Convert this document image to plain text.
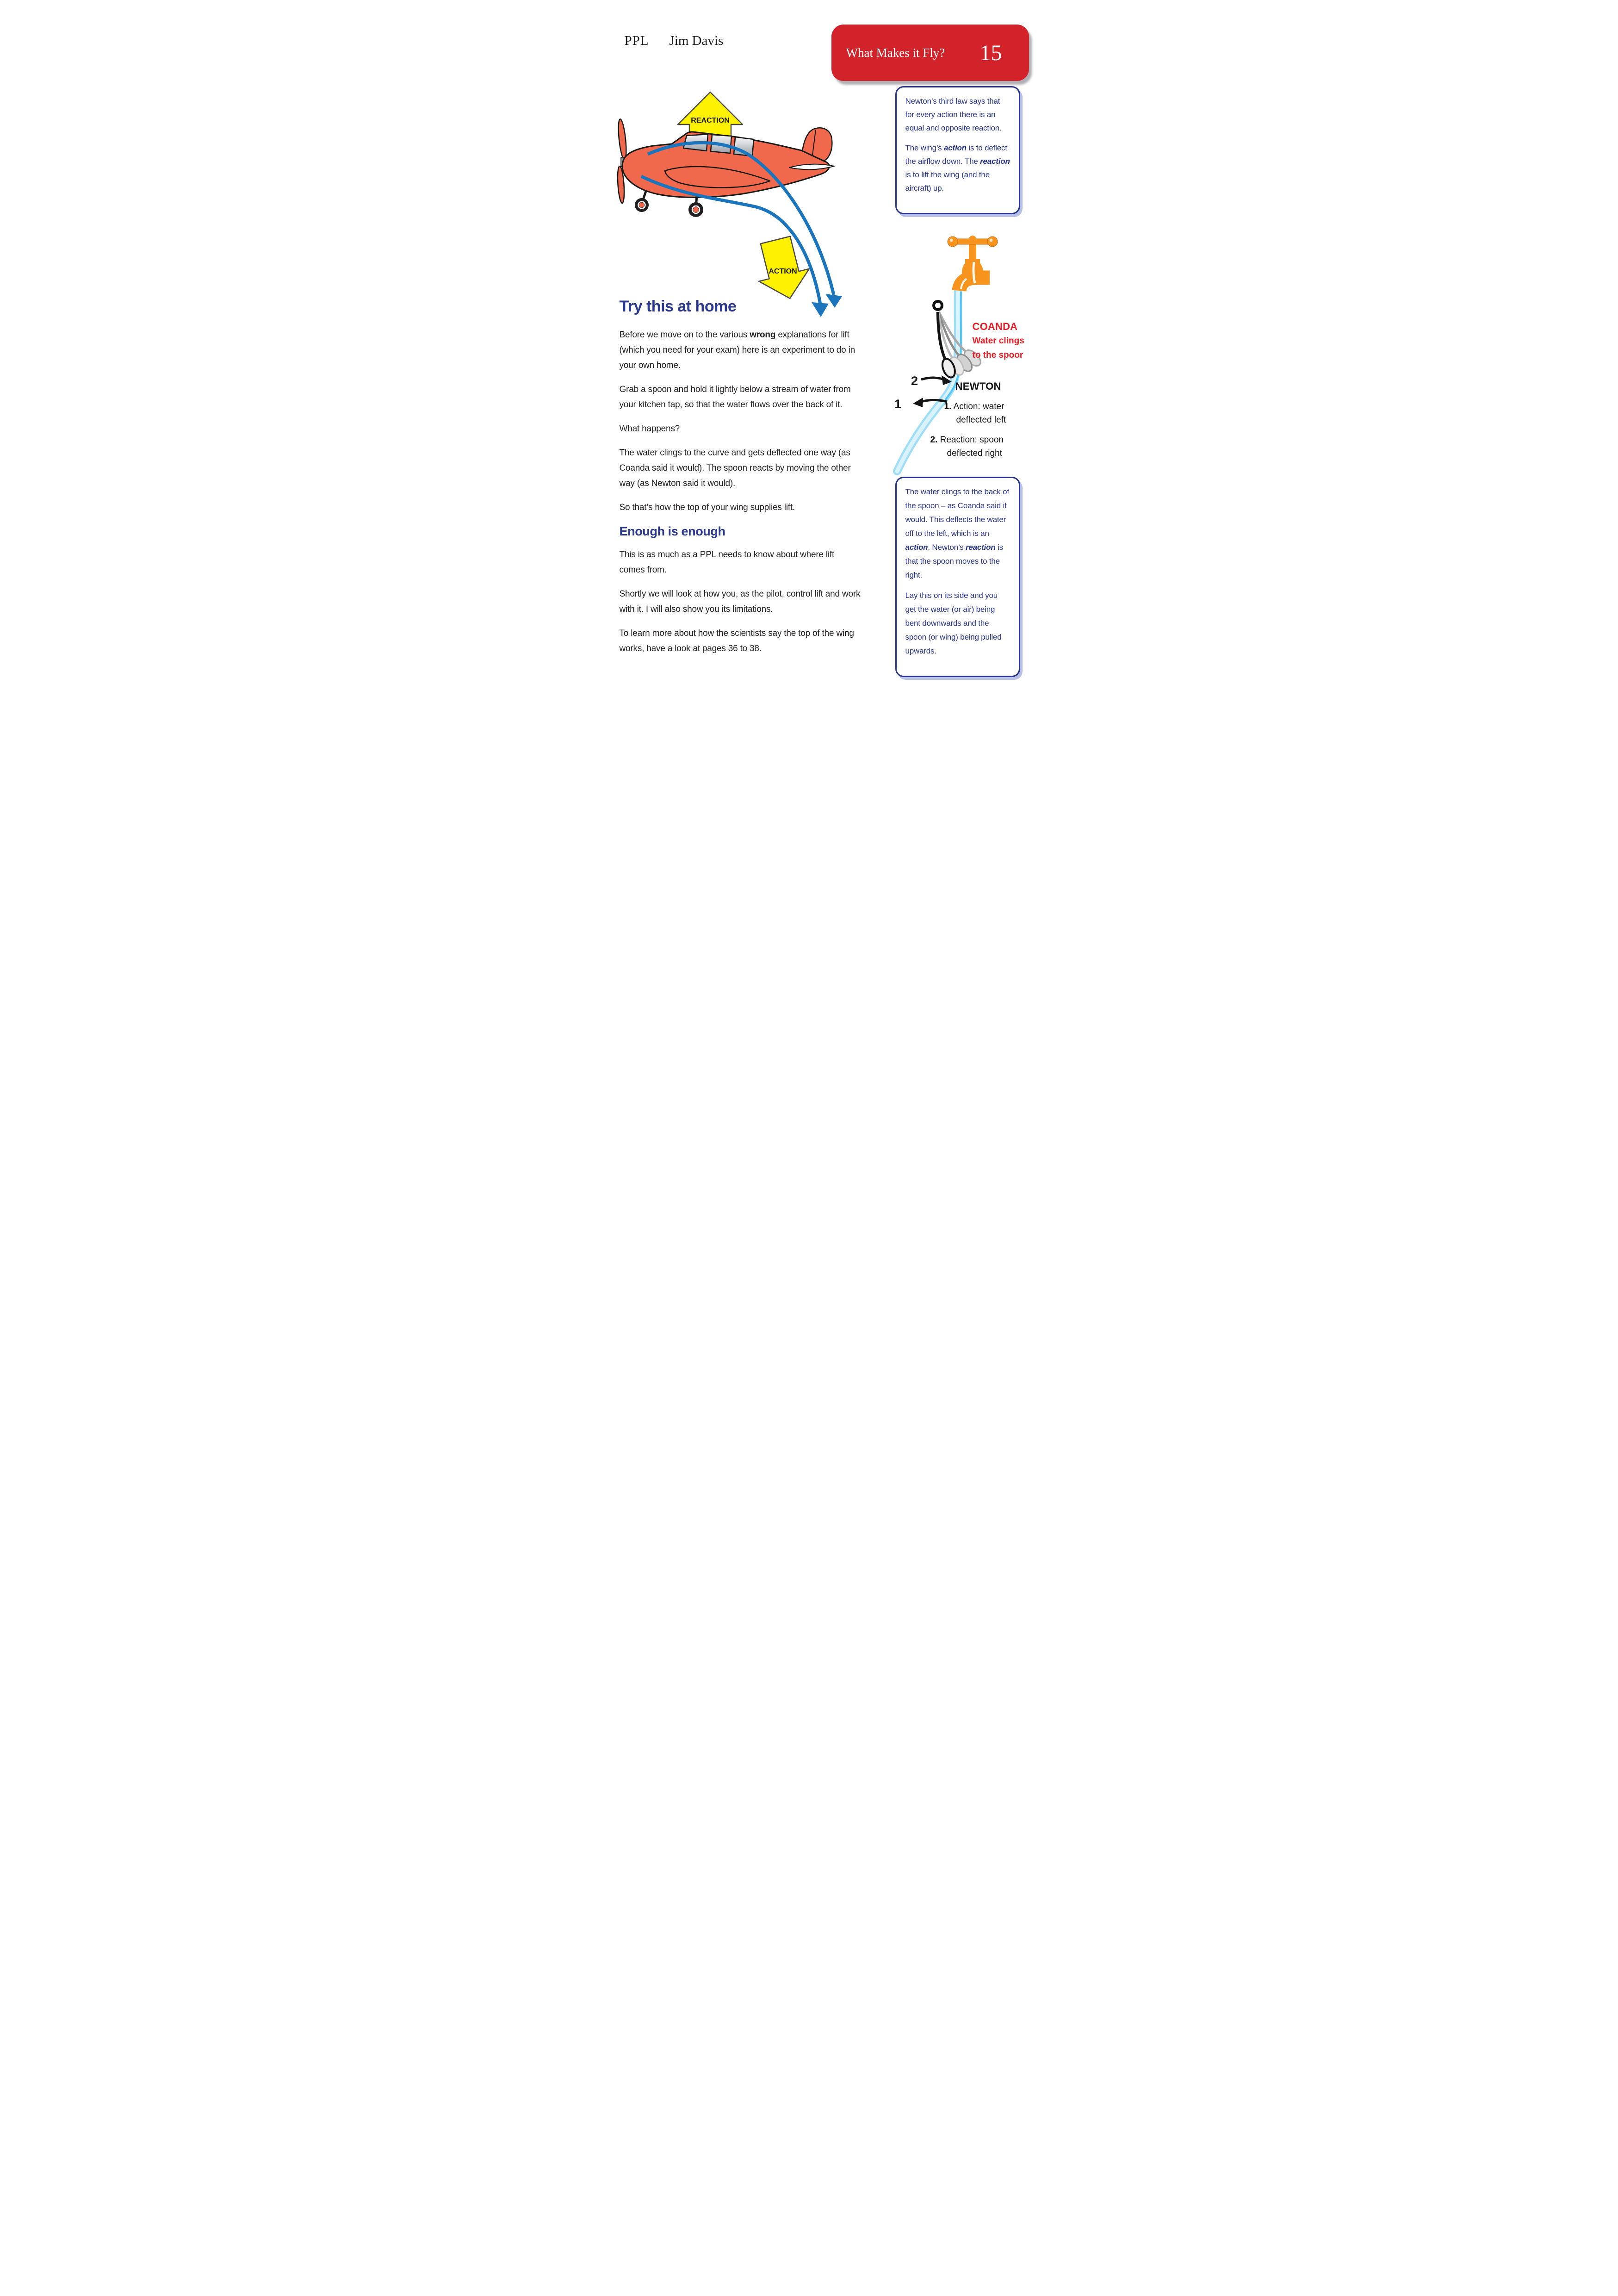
PPL Jim Davis
What Makes it Fly?	15
REACTION
ACTION

Newton’s third law says that for every action there is an equal and opposite reaction.

The wing’s action is to deflect the airflow down. The reaction is to lift the wing (and the aircraft) up.

2
1
COANDA
Water clings
to the spoor
NEWTON
1. Action: water
deflected left
2. Reaction: spoon
deflected right

The water clings to the back of the spoon – as Coanda said it would. This deflects the water off to the left, which is an action. Newton’s reaction is that the spoon moves to the right.

Lay this on its side and you get the water (or air) being bent downwards and the spoon (or wing) being pulled upwards.

Try this at home

Before we move on to the various wrong explanations for lift (which you need for your exam) here is an experiment to do in your own home.

Grab a spoon and hold it lightly below a stream of water from your kitchen tap, so that the water flows over the back of it.

What happens?

The water clings to the curve and gets deflected one way (as Coanda said it would). The spoon reacts by moving the other way (as Newton said it would).

So that’s how the top of your wing supplies lift.

Enough is enough

This is as much as a PPL needs to know about where lift comes from.

Shortly we will look at how you, as the pilot, control lift and work with it. I will also show you its limitations.

To learn more about how the scientists say the top of the wing works, have a look at pages 36 to 38.
